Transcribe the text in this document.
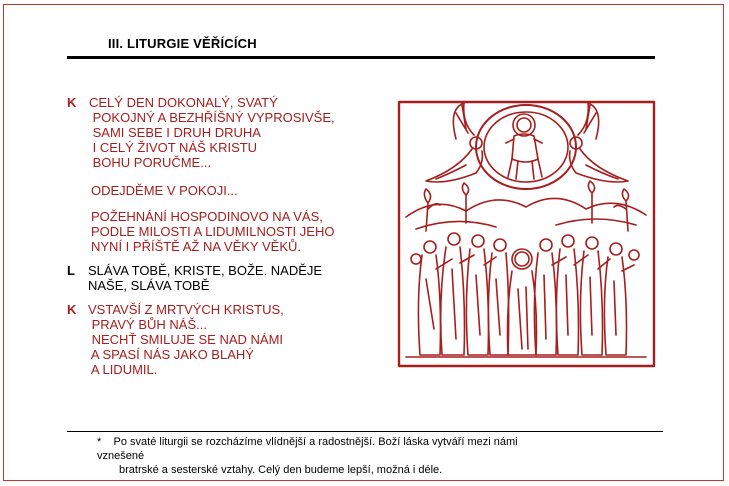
III. LITURGIE VĚŘÍCÍCH
K CELÝ DEN DOKONALÝ, SVATÝ
POKOJNÝ A BEZHŘÍŠNÝ VYPROSIVŠE,
SAMI SEBE I DRUH DRUHA
I CELÝ ŽIVOT NÁŠ KRISTU
BOHU PORUČME...
ODEJDĚME V POKOJI...
POŽEHNÁNÍ HOSPODINOVO NA VÁS,
PODLE MILOSTI A LIDUMILNOSTI JEHO
NYNÍ I PŘÍŠTĚ AŽ NA VĚKY VĚKŮ.
L SLÁVA TOBĚ, KRISTE, BOŽE. NADĚJE
NAŠE, SLÁVA TOBĚ
K VSTAVŠÍ Z MRTVÝCH KRISTUS,
PRAVÝ BŮH NÁŠ...
NECHŤ SMILUJE SE NAD NÁMI
A SPASÍ NÁS JAKO BLAHÝ
A LIDUMIL.
* Po svaté liturgii se rozcházíme vlídnější a radostnější. Boží láska vytváří mezi námi
vznešené
bratrské a sesterské vztahy. Celý den budeme lepší, možná i déle.
